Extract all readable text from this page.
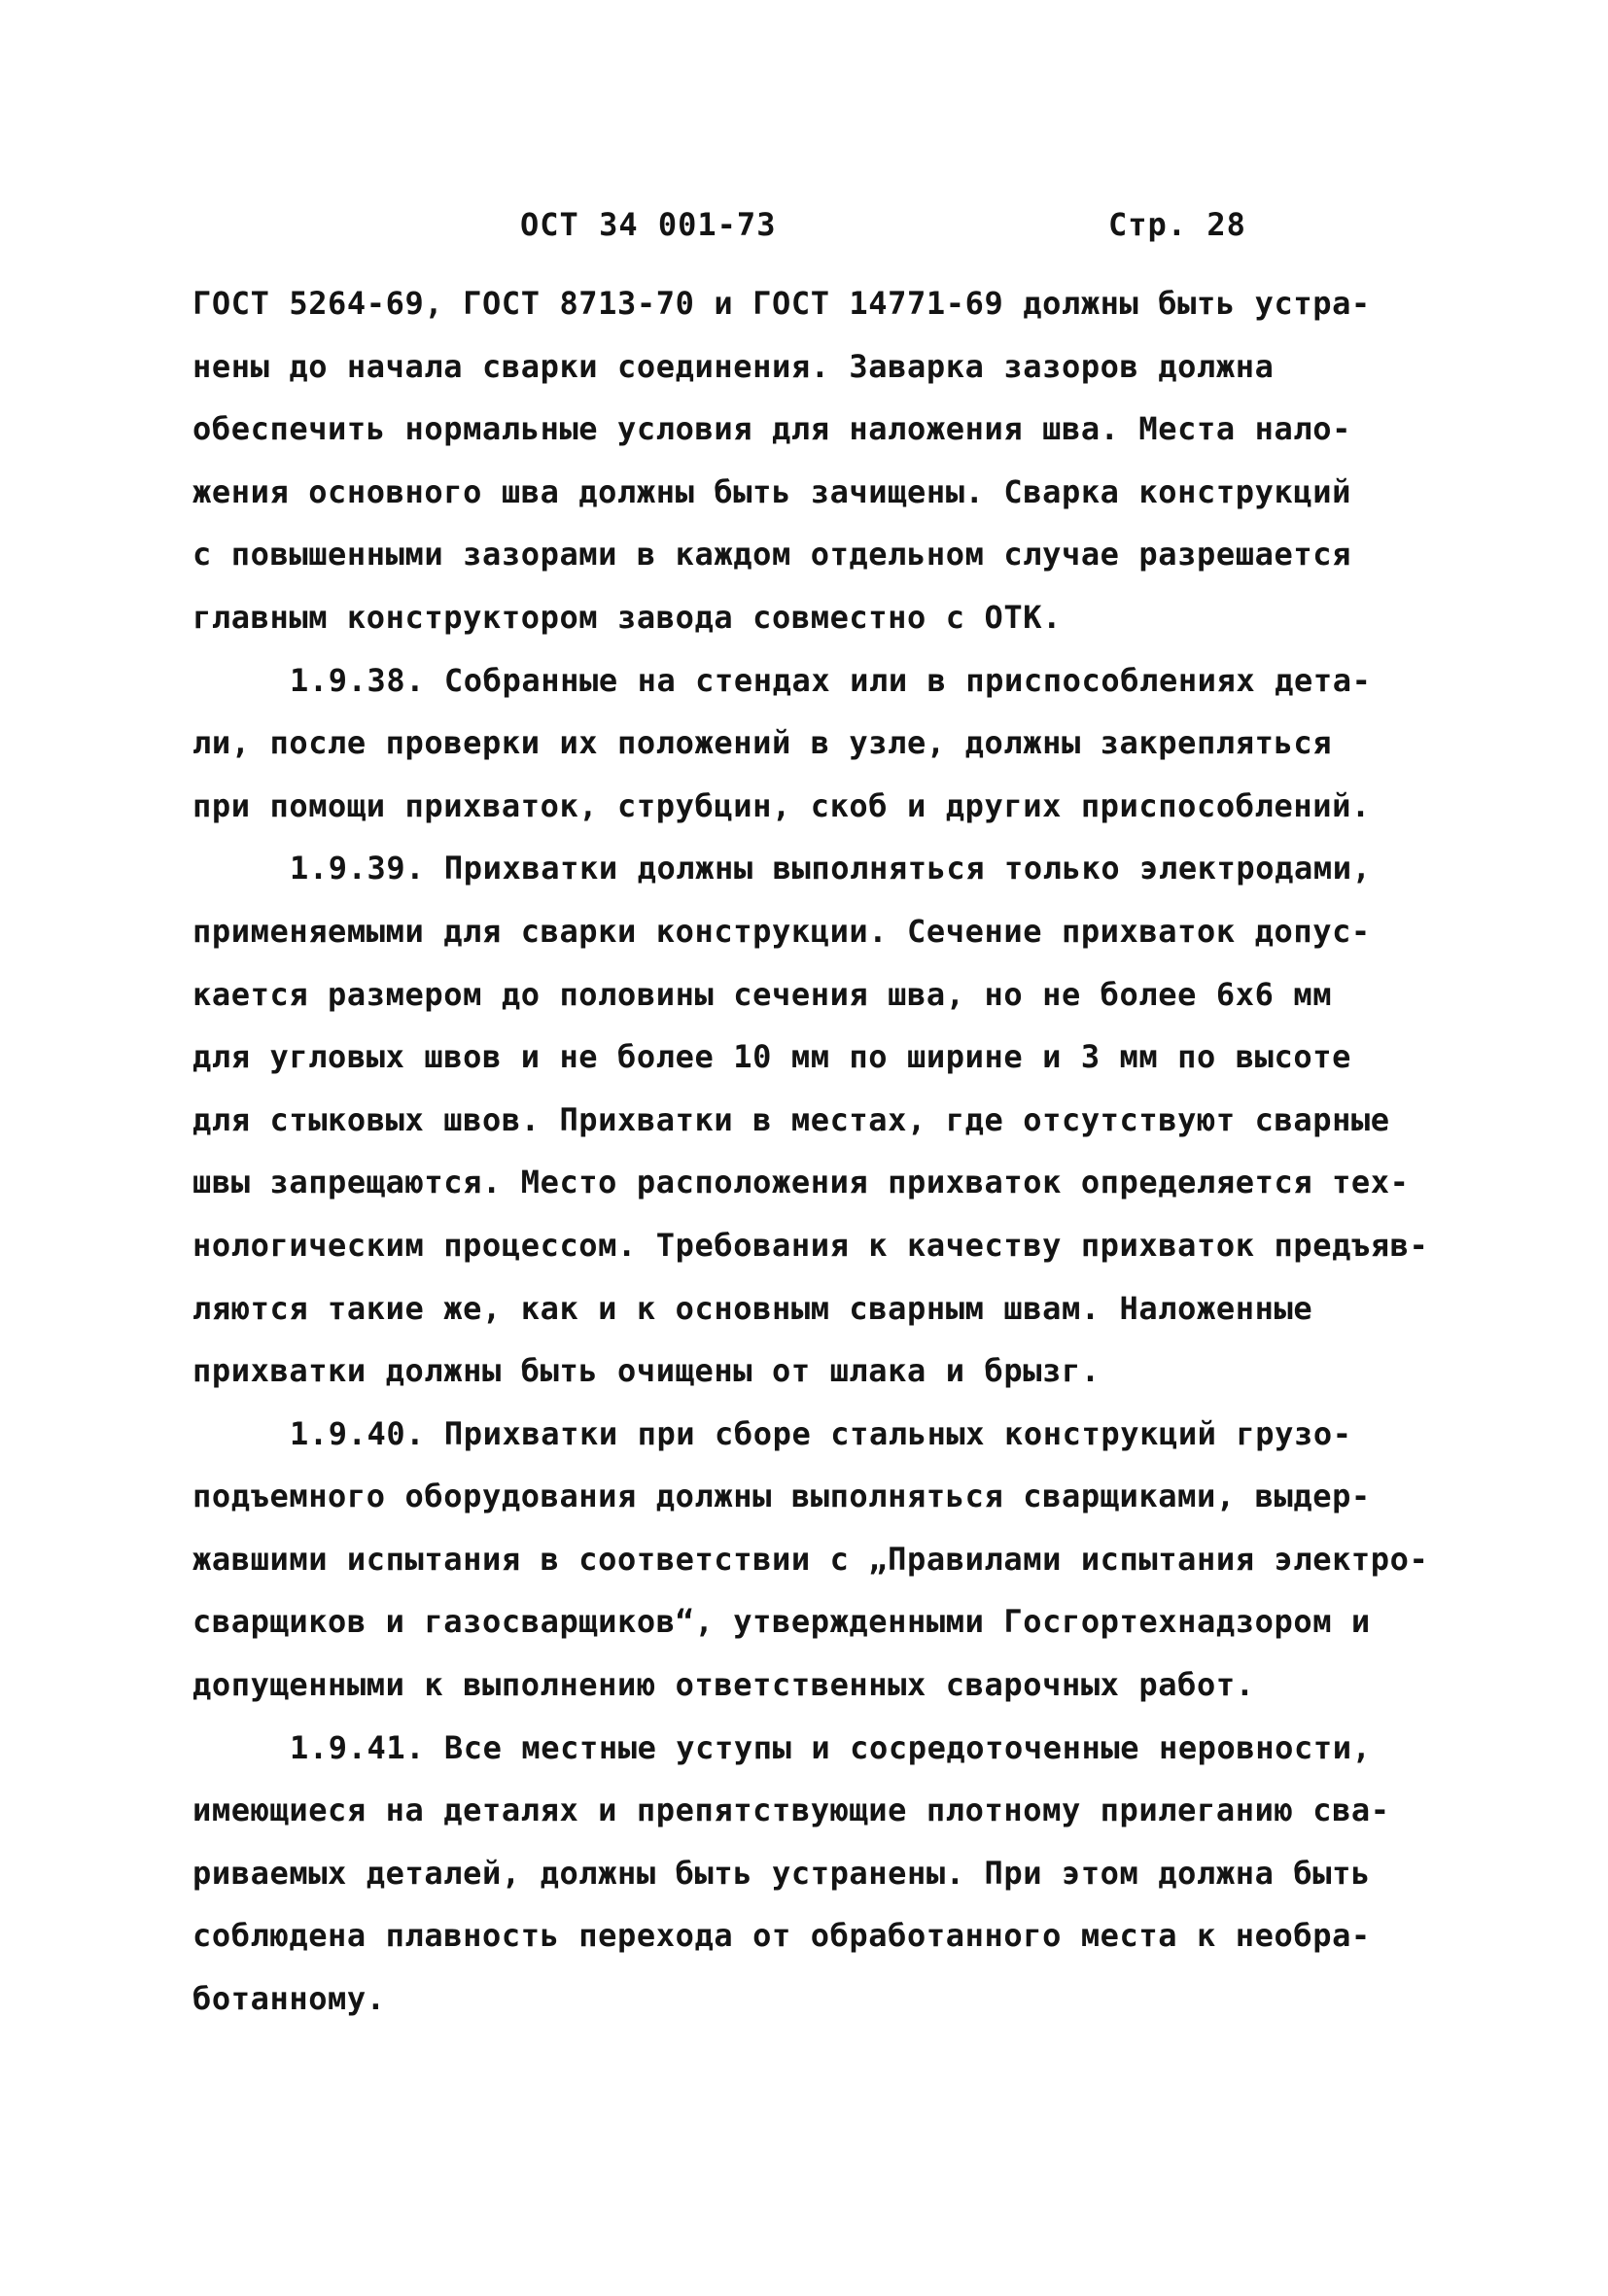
ОСТ 34 001-73	Стр. 28
ГОСТ 5264-69, ГОСТ 8713-70 и ГОСТ 14771-69 должны быть устра-
нены до начала сварки соединения. Заварка зазоров должна
обеспечить нормальные условия для наложения шва. Места нало-
жения основного шва должны быть зачищены. Сварка конструкций
с повышенными зазорами в каждом отдельном случае разрешается
главным конструктором завода совместно с ОТК.
1.9.38. Собранные на стендах или в приспособлениях дета-
ли, после проверки их положений в узле, должны закрепляться
при помощи прихваток, струбцин, скоб и других приспособлений.
1.9.39. Прихватки должны выполняться только электродами,
применяемыми для сварки конструкции. Сечение прихваток допус-
кается размером до половины сечения шва, но не более 6х6 мм
для угловых швов и не более 10 мм по ширине и 3 мм по высоте
для стыковых швов. Прихватки в местах, где отсутствуют сварные
швы запрещаются. Место расположения прихваток определяется тех-
нологическим процессом. Требования к качеству прихваток предъяв-
ляются такие же, как и к основным сварным швам. Наложенные
прихватки должны быть очищены от шлака и брызг.
1.9.40. Прихватки при сборе стальных конструкций грузо-
подъемного оборудования должны выполняться сварщиками, выдер-
жавшими испытания в соответствии с „Правилами испытания электро-
сварщиков и газосварщиков“, утвержденными Госгортехнадзором и
допущенными к выполнению ответственных сварочных работ.
1.9.41. Все местные уступы и сосредоточенные неровности,
имеющиеся на деталях и препятствующие плотному прилеганию сва-
риваемых деталей, должны быть устранены. При этом должна быть
соблюдена плавность перехода от обработанного места к необра-
ботанному.
